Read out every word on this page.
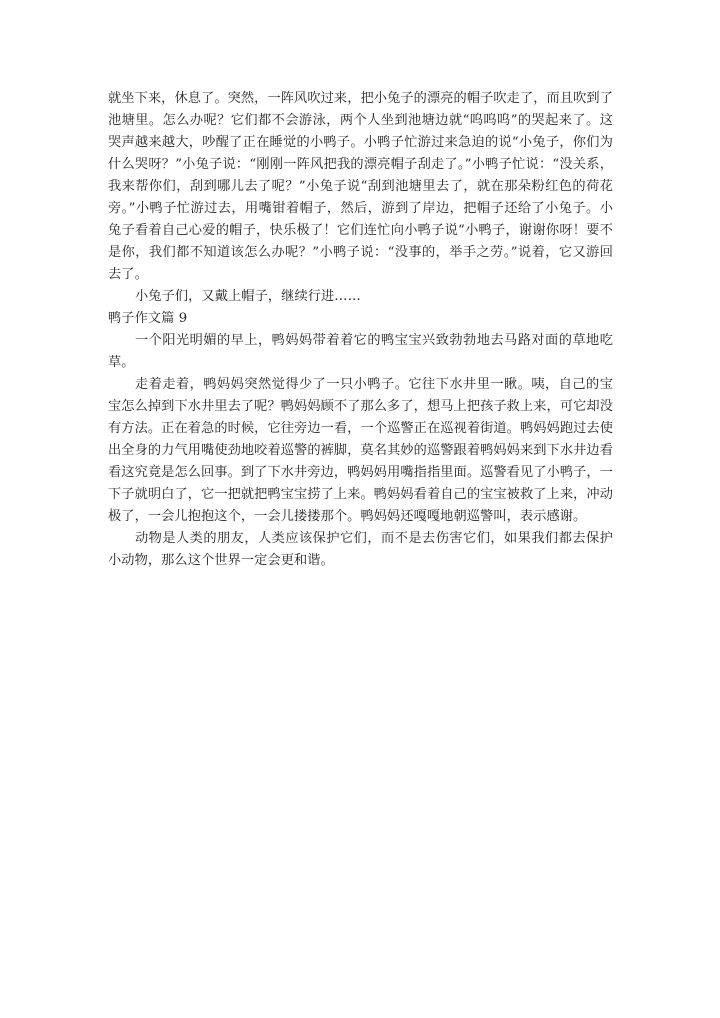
就坐下来，休息了。突然，一阵风吹过来，把小兔子的漂亮的帽子吹走了，而且吹到了池塘里。怎么办呢？它们都不会游泳，两个人坐到池塘边就“呜呜呜”的哭起来了。这哭声越来越大，吵醒了正在睡觉的小鸭子。小鸭子忙游过来急迫的说“小兔子，你们为什么哭呀？”小兔子说：“刚刚一阵风把我的漂亮帽子刮走了。”小鸭子忙说：“没关系，我来帮你们，刮到哪儿去了呢？”小兔子说“刮到池塘里去了，就在那朵粉红色的荷花旁。”小鸭子忙游过去，用嘴钳着帽子，然后，游到了岸边，把帽子还给了小兔子。小兔子看着自己心爱的帽子，快乐极了！它们连忙向小鸭子说“小鸭子，谢谢你呀！要不是你，我们都不知道该怎么办呢？”小鸭子说：“没事的，举手之劳。”说着，它又游回去了。

小兔子们，又戴上帽子，继续行进……

鸭子作文篇 9

一个阳光明媚的早上，鸭妈妈带着着它的鸭宝宝兴致勃勃地去马路对面的草地吃草。

走着走着，鸭妈妈突然觉得少了一只小鸭子。它往下水井里一瞅。咦，自己的宝宝怎么掉到下水井里去了呢？鸭妈妈顾不了那么多了，想马上把孩子救上来，可它却没有方法。正在着急的时候，它往旁边一看，一个巡警正在巡视着街道。鸭妈妈跑过去使出全身的力气用嘴使劲地咬着巡警的裤脚，莫名其妙的巡警跟着鸭妈妈来到下水井边看看这究竟是怎么回事。到了下水井旁边，鸭妈妈用嘴指指里面。巡警看见了小鸭子，一下子就明白了，它一把就把鸭宝宝捞了上来。鸭妈妈看着自己的宝宝被救了上来，冲动极了，一会儿抱抱这个，一会儿搂搂那个。鸭妈妈还嘎嘎地朝巡警叫，表示感谢。

动物是人类的朋友，人类应该保护它们，而不是去伤害它们，如果我们都去保护小动物，那么这个世界一定会更和谐。
